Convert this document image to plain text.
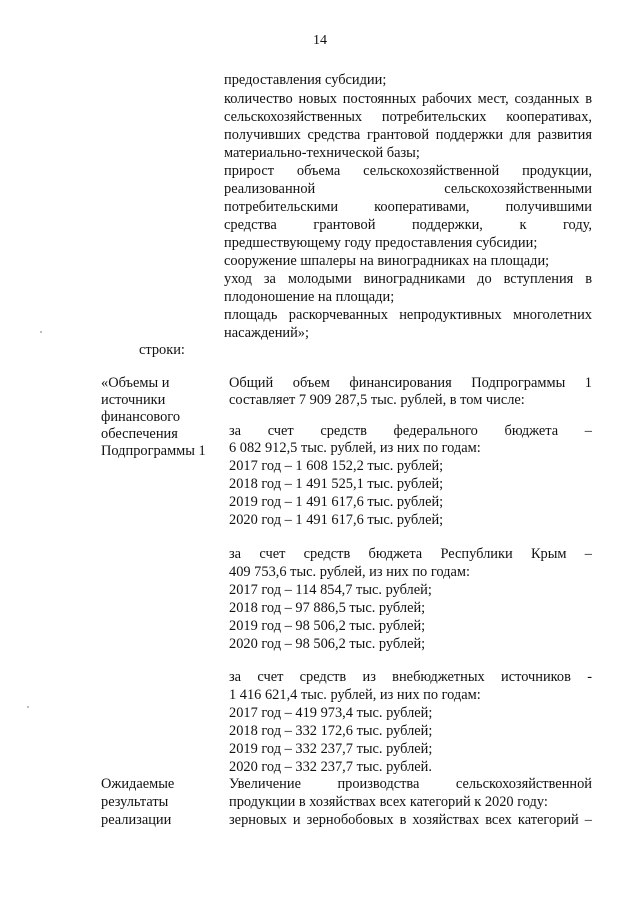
14
предоставления субсидии;
количество новых постоянных рабочих мест, созданных в
сельскохозяйственных потребительских кооперативах,
получивших средства грантовой поддержки для развития
материально-технической базы;
прирост объема сельскохозяйственной продукции,
реализованной сельскохозяйственными
потребительскими кооперативами, получившими
средства грантовой поддержки, к году,
предшествующему году предоставления субсидии;
сооружение шпалеры на виноградниках на площади;
уход за молодыми виноградниками до вступления в
плодоношение на площади;
площадь раскорчеванных непродуктивных многолетних
насаждений»;
строки:
«Объемы и
источники
финансового
обеспечения
Подпрограммы 1
Общий объем финансирования Подпрограммы 1
составляет 7 909 287,5 тыс. рублей, в том числе:
за счет средств федерального бюджета –
6 082 912,5 тыс. рублей, из них по годам:
2017 год – 1 608 152,2 тыс. рублей;
2018 год – 1 491 525,1 тыс. рублей;
2019 год – 1 491 617,6 тыс. рублей;
2020 год – 1 491 617,6 тыс. рублей;
за счет средств бюджета Республики Крым –
409 753,6 тыс. рублей, из них по годам:
2017 год – 114 854,7 тыс. рублей;
2018 год – 97 886,5 тыс. рублей;
2019 год – 98 506,2 тыс. рублей;
2020 год – 98 506,2 тыс. рублей;
за счет средств из внебюджетных источников -
1 416 621,4 тыс. рублей, из них по годам:
2017 год – 419 973,4 тыс. рублей;
2018 год – 332 172,6 тыс. рублей;
2019 год – 332 237,7 тыс. рублей;
2020 год – 332 237,7 тыс. рублей.
Ожидаемые
результаты
реализации
Увеличение производства сельскохозяйственной
продукции в хозяйствах всех категорий к 2020 году:
зерновых и зернобобовых в хозяйствах всех категорий –
